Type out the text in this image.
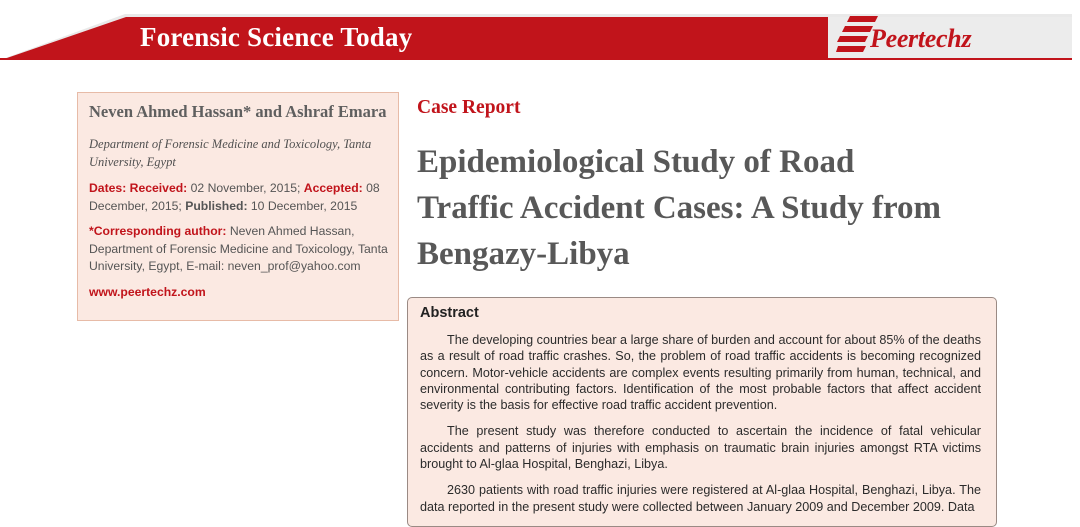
Forensic Science Today	Peertechz
Neven Ahmed Hassan* and Ashraf Emara
Department of Forensic Medicine and Toxicology, Tanta University, Egypt
Dates: Received: 02 November, 2015; Accepted: 08 December, 2015; Published: 10 December, 2015
*Corresponding author: Neven Ahmed Hassan, Department of Forensic Medicine and Toxicology, Tanta University, Egypt, E-mail: neven_prof@yahoo.com
www.peertechz.com
Case Report
Epidemiological Study of Road
Traffic Accident Cases: A Study from
Bengazy-Libya
Abstract

The developing countries bear a large share of burden and account for about 85% of the deaths as a result of road traffic crashes. So, the problem of road traffic accidents is becoming recognized concern. Motor-vehicle accidents are complex events resulting primarily from human, technical, and environmental contributing factors. Identification of the most probable factors that affect accident severity is the basis for effective road traffic accident prevention.

The present study was therefore conducted to ascertain the incidence of fatal vehicular accidents and patterns of injuries with emphasis on traumatic brain injuries amongst RTA victims brought to Al-glaa Hospital, Benghazi, Libya.

2630 patients with road traffic injuries were registered at Al-glaa Hospital, Benghazi, Libya. The data reported in the present study were collected between January 2009 and December 2009. Data
